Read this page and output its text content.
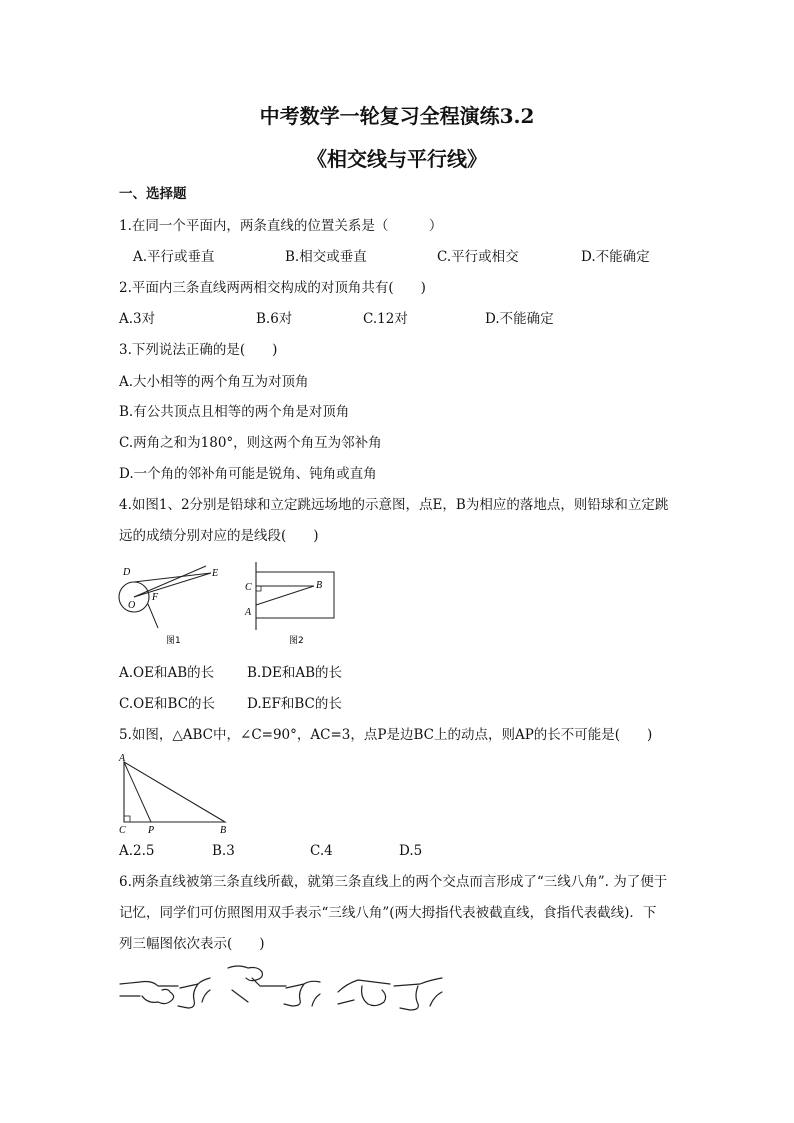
中考数学一轮复习全程演练3.2
《相交线与平行线》
一、选择题
1.在同一个平面内，两条直线的位置关系是（　　　）
A.平行或垂直	B.相交或垂直	C.平行或相交	D.不能确定
2.平面内三条直线两两相交构成的对顶角共有(　　)
A.3对	B.6对	C.12对	D.不能确定
3.下列说法正确的是(　　)
A.大小相等的两个角互为对顶角
B.有公共顶点且相等的两个角是对顶角
C.两角之和为180°，则这两个角互为邻补角
D.一个角的邻补角可能是锐角、钝角或直角
4.如图1、2分别是铅球和立定跳远场地的示意图，点E，B为相应的落地点，则铅球和立定跳
远的成绩分别对应的是线段(　　)
D	E
O
F
图1
C	B
A
图2
A.OE和AB的长 B.DE和AB的长
C.OE和BC的长 D.EF和BC的长
5.如图，△ABC中，∠C=90°，AC=3，点P是边BC上的动点，则AP的长不可能是(　　)
A
C P	B
A.2.5	B.3	C.4	D.5
6.两条直线被第三条直线所截，就第三条直线上的两个交点而言形成了“三线八角”. 为了便于
记忆，同学们可仿照图用双手表示“三线八角”(两大拇指代表被截直线，食指代表截线)．下
列三幅图依次表示(　　)
